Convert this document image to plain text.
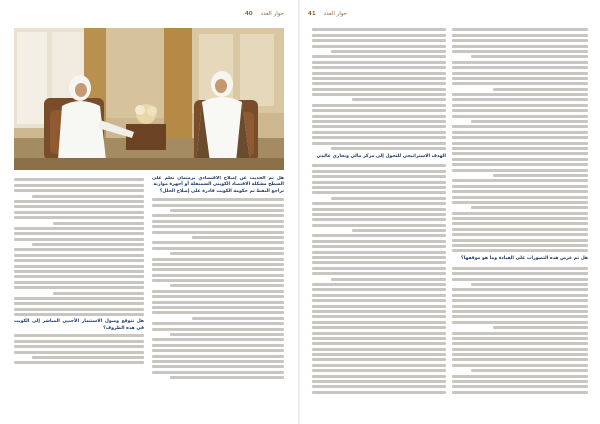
حوار العدد
40
هل تم الحديث عن إصلاح الاقتصادي برمتمان تعلم على السطح مشكلة الاقتصاد الكويتي السمنقلة أو أجهزة موازنة
تراجع النفط ثم حكومة الكويت قادرة على إصلاح الخلل؟
هل تتوقع وصول الاستثمار الأجنبي المباشر إلى الكويت في هذه الظروف؟
حوار العدد
41
هل تم عرض هذه التصورات على القيادة وما هو موقفها؟
الهدف الاستراتيجي للتحول إلى مركز مالي وتجاري عالمي
